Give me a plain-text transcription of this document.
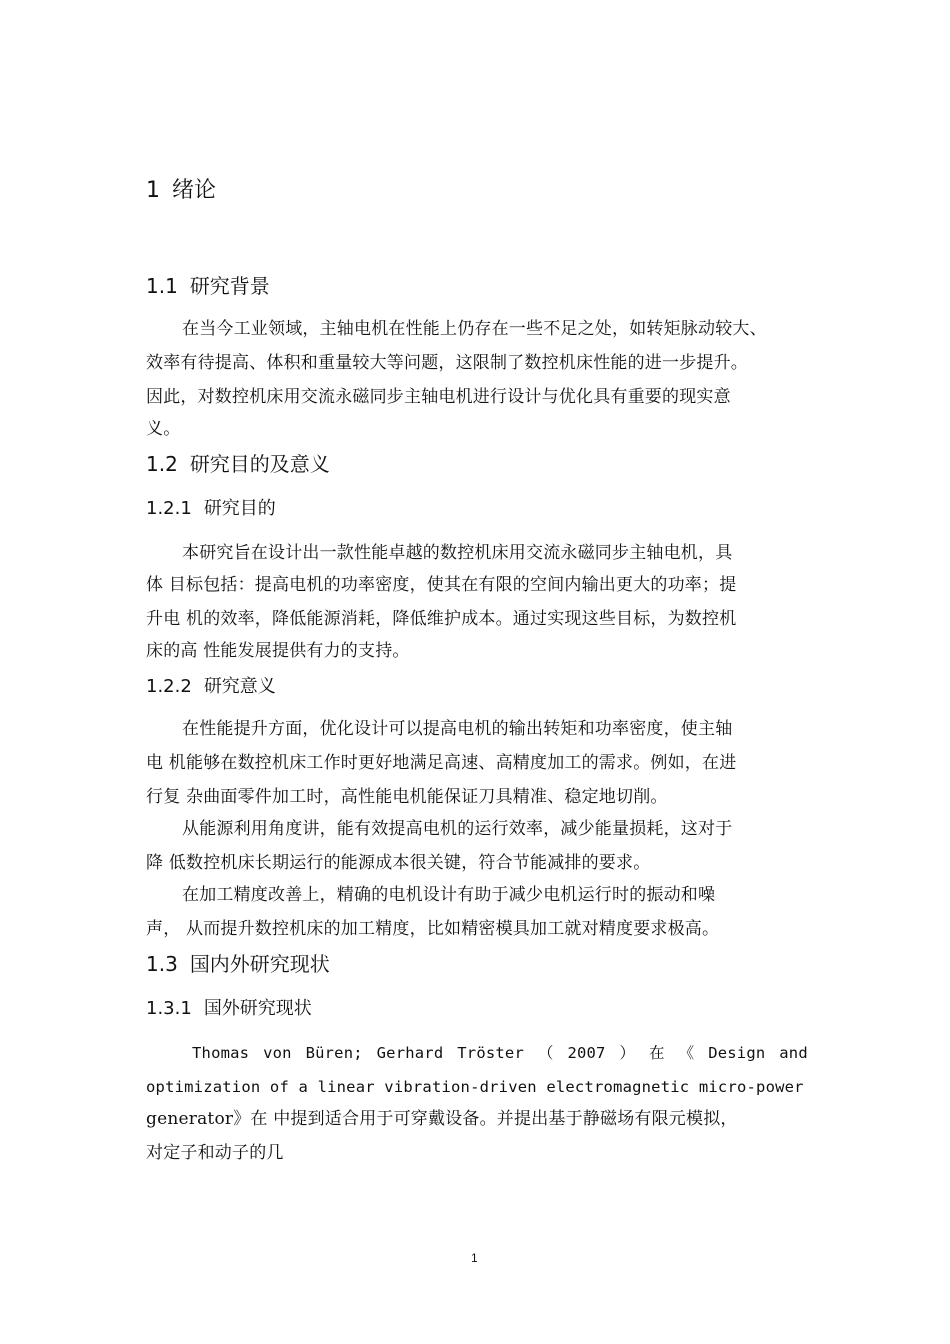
1 绪论
1.1 研究背景
在当今工业领域，主轴电机在性能上仍存在一些不足之处，如转矩脉动较大、
效率有待提高、体积和重量较大等问题，这限制了数控机床性能的进一步提升。
因此，对数控机床用交流永磁同步主轴电机进行设计与优化具有重要的现实意
义。
1.2 研究目的及意义
1.2.1 研究目的
本研究旨在设计出一款性能卓越的数控机床用交流永磁同步主轴电机，具
体 目标包括：提高电机的功率密度，使其在有限的空间内输出更大的功率；提
升电 机的效率，降低能源消耗，降低维护成本。通过实现这些目标，为数控机
床的高 性能发展提供有力的支持。
1.2.2 研究意义
在性能提升方面，优化设计可以提高电机的输出转矩和功率密度，使主轴
电 机能够在数控机床工作时更好地满足高速、高精度加工的需求。例如，在进
行复 杂曲面零件加工时，高性能电机能保证刀具精准、稳定地切削。
从能源利用角度讲，能有效提高电机的运行效率，减少能量损耗，这对于
降 低数控机床长期运行的能源成本很关键，符合节能减排的要求。
在加工精度改善上，精确的电机设计有助于减少电机运行时的振动和噪
声， 从而提升数控机床的加工精度，比如精密模具加工就对精度要求极高。
1.3 国内外研究现状
1.3.1 国外研究现状
Thomas von Büren; Gerhard Tröster （ 2007 ） 在 《 Design and
optimization of a linear vibration-driven electromagnetic micro-power
generator》在 中提到适合用于可穿戴设备。并提出基于静磁场有限元模拟，
对定子和动子的几
1
